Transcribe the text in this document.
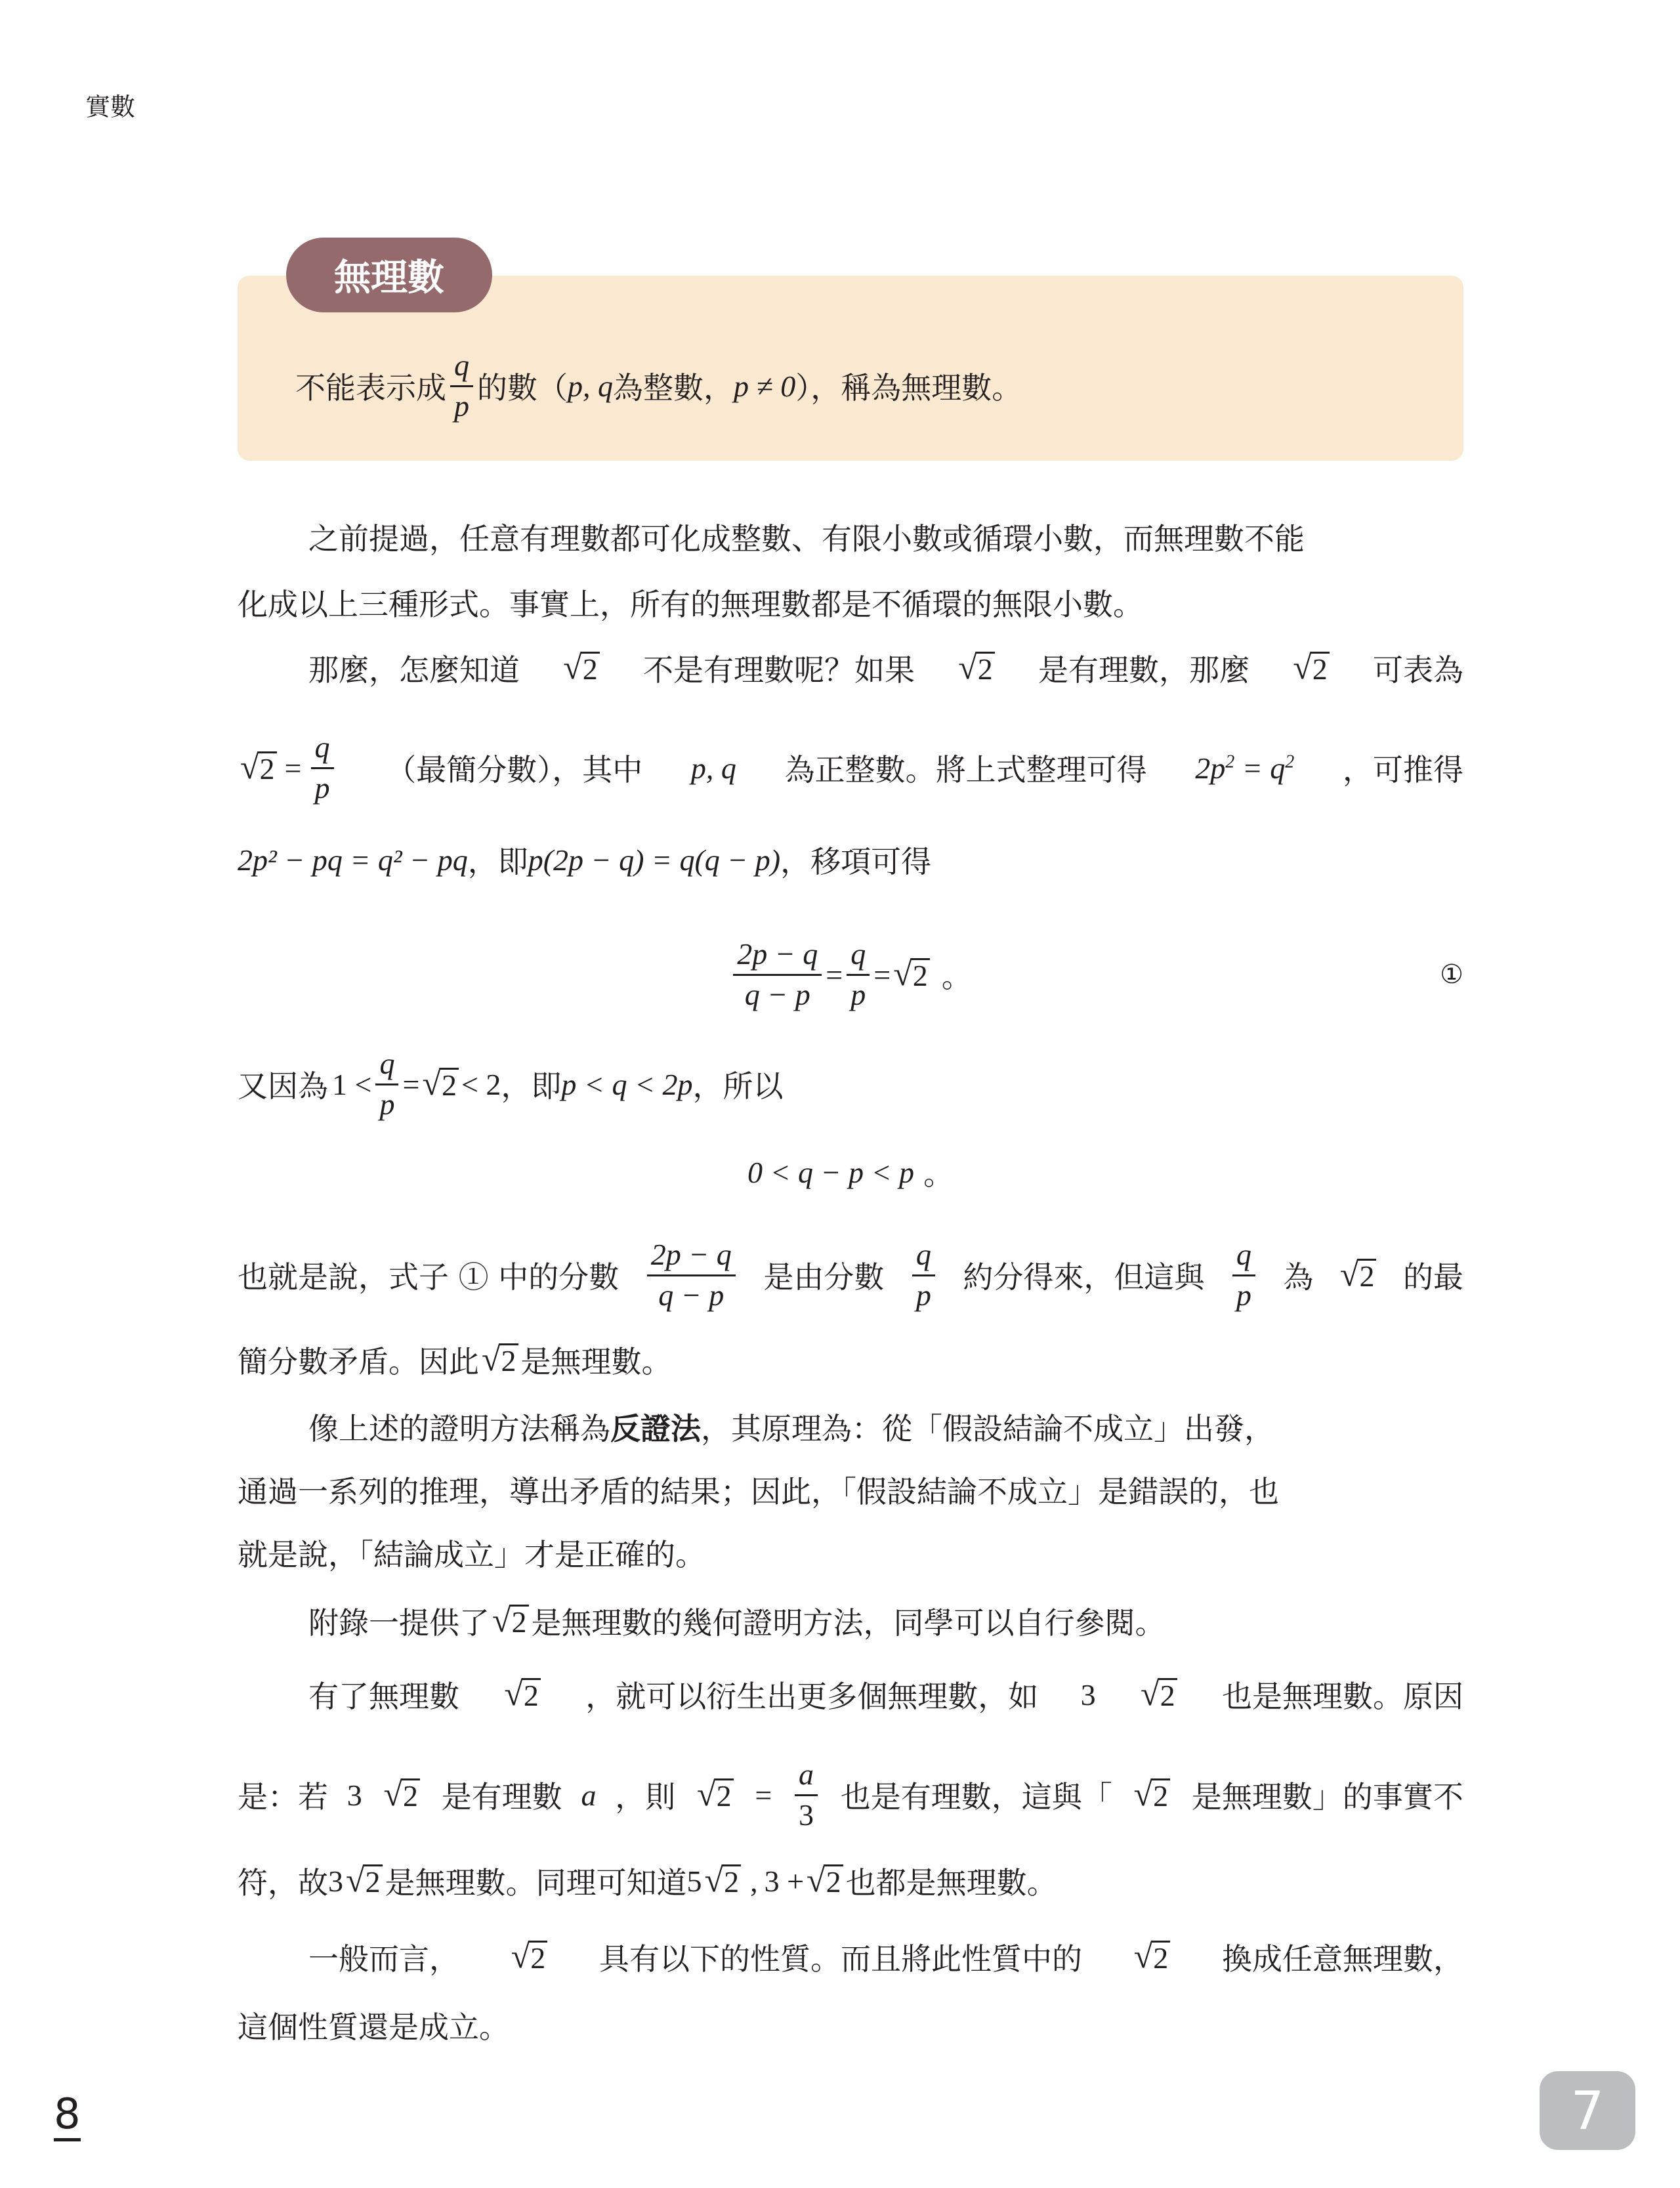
實數
無理數
不能表示成 $\frac{q}{p}$ 的數（ p, q 為整數， p ≠ 0 ），稱為無理數。
之前提過，任意有理數都可化成整數、有限小數或循環小數，而無理數不能
化成以上三種形式。事實上，所有的無理數都是不循環的無限小數。
那麼，怎麼知道 √ 2 不是有理數呢？如果 √ 2 是有理數，那麼 √ 2 可表為
√ $2 = \frac{q}{p}$ （最簡分數），其中 p, q 為正整數。將上式整理可得 $2p^2 = q^2$ ，可推得
2p² − pq = q² − pq ，即 p(2p − q) = q(q − p) ，移項可得
$\frac{2p - q}{q - p} = \frac{q}{p}$ = √ 2 。	①
又因為 $1 < \frac{q}{p}$ = √ 2 < 2 ，即 p < q < 2p ，所以
0 < q − p < p 。
也就是說，式子 ① 中的分數 $\frac{2p - q}{q - p}$ 是由分數 $\frac{q}{p}$ 約分得來，但這與 $\frac{q}{p}$ 為 √ 2 的最
簡分數矛盾。因此 √ 2 是無理數。
像上述的證明方法稱為 反證法 ，其原理為：從「假設結論不成立」出發，
通過一系列的推理，導出矛盾的結果；因此，「假設結論不成立」是錯誤的，也
就是說，「結論成立」才是正確的。
附錄一提供了 √ 2 是無理數的幾何證明方法，同學可以自行參閱。
有了無理數 √ 2 ，就可以衍生出更多個無理數，如 3 √ 2 也是無理數。原因
是：若 3 √ 2 是有理數 a ，則 √ $2 = \frac{a}{3}$ 也是有理數，這與「 √ 2 是無理數」的事實不
符，故 3 √ 2 是無理數。同理可知道 5 √ 2 , 3 + √ 2 也都是無理數。
一般而言， √ 2 具有以下的性質。而且將此性質中的 √ 2 換成任意無理數，
這個性質還是成立。
8	7
